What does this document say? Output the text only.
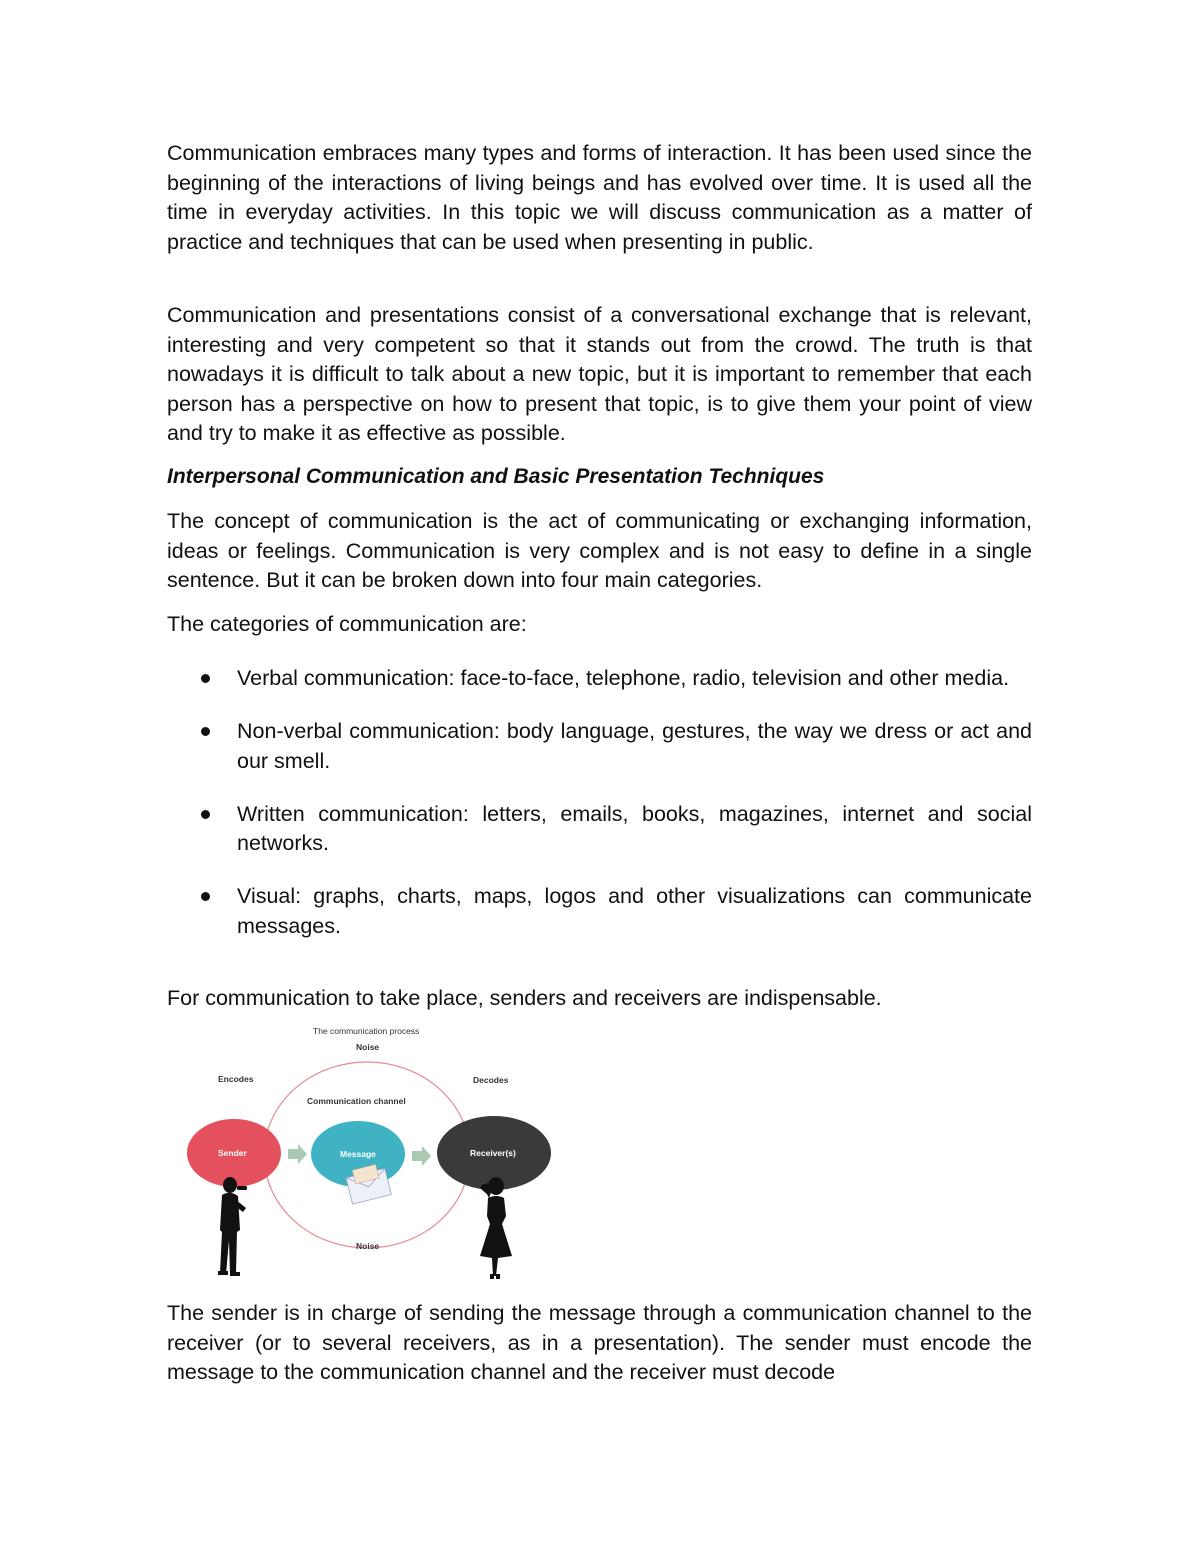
Communication embraces many types and forms of interaction. It has been used since the beginning of the interactions of living beings and has evolved over time. It is used all the time in everyday activities. In this topic we will discuss communication as a matter of practice and techniques that can be used when presenting in public.

Communication and presentations consist of a conversational exchange that is relevant, interesting and very competent so that it stands out from the crowd. The truth is that nowadays it is difficult to talk about a new topic, but it is important to remember that each person has a perspective on how to present that topic, is to give them your point of view and try to make it as effective as possible.

Interpersonal Communication and Basic Presentation Techniques

The concept of communication is the act of communicating or exchanging information, ideas or feelings. Communication is very complex and is not easy to define in a single sentence. But it can be broken down into four main categories.

The categories of communication are:

Verbal communication: face-to-face, telephone, radio, television and other media.
Non-verbal communication: body language, gestures, the way we dress or act and our smell.
Written communication: letters, emails, books, magazines, internet and social networks.
Visual: graphs, charts, maps, logos and other visualizations can communicate messages.

For communication to take place, senders and receivers are indispensable.

The communication process
Noise
Encodes	Decodes
Communication channel
Noise
Sender	Message	Receiver(s)

The sender is in charge of sending the message through a communication channel to the receiver (or to several receivers, as in a presentation). The sender must encode the message to the communication channel and the receiver must decode
